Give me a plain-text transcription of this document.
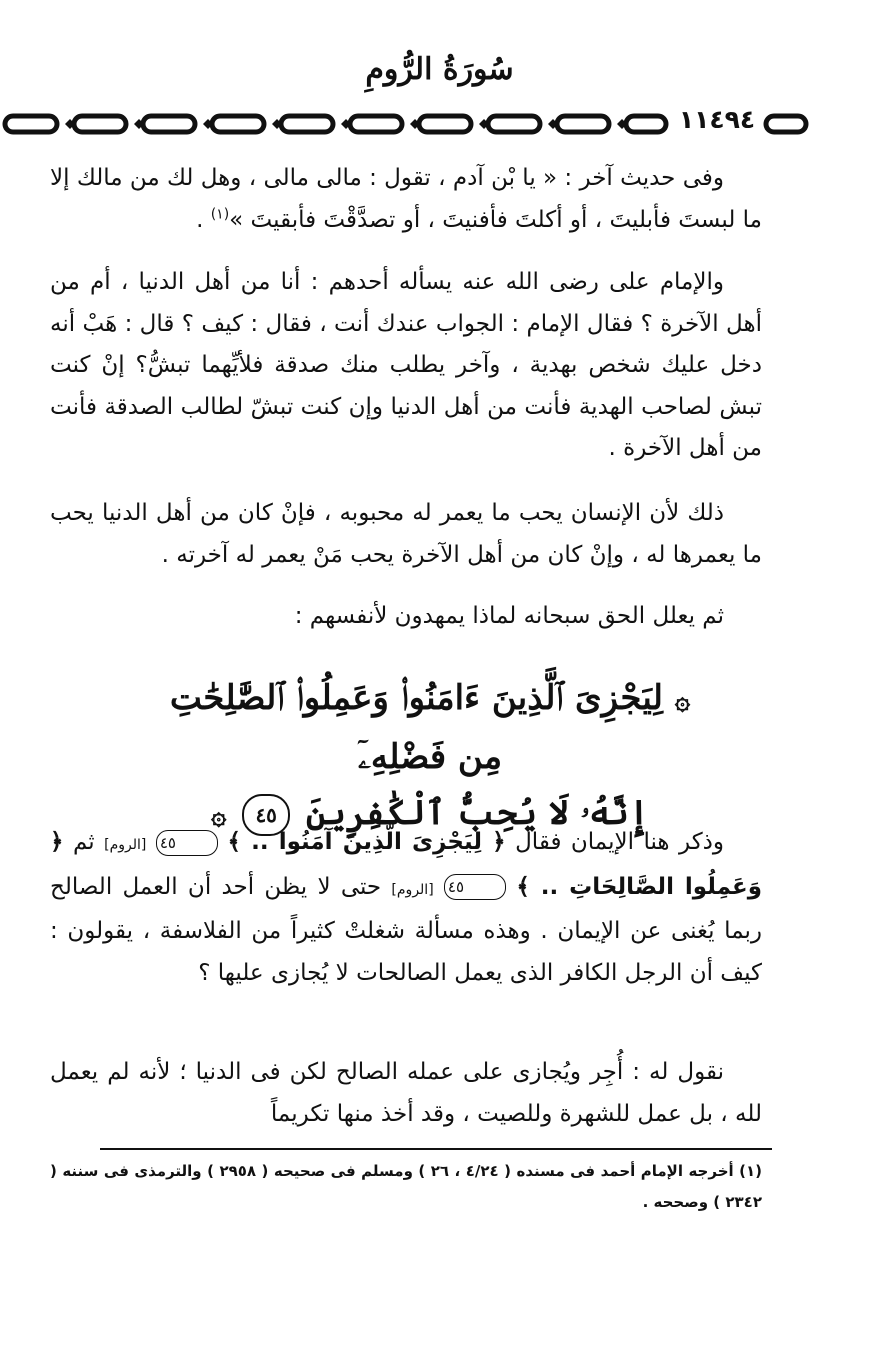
سُورَةُ الرُّومِ
١١٤٩٤

وفى حديث آخر : « يا بْن آدم ، تقول : مالى مالى ، وهل لك من مالك إلا ما لبستَ فأبليتَ ، أو أكلتَ فأفنيتَ ، أو تصدَّقْتَ فأبقيتَ »$^{(١)}$ .

والإمام على رضى الله عنه يسأله أحدهم : أنا من أهل الدنيا ، أم من أهل الآخرة ؟ فقال الإمام : الجواب عندك أنت ، فقال : كيف ؟ قال : هَبْ أنه دخل عليك شخص بهدية ، وآخر يطلب منك صدقة فلأيِّهما تبشُّ؟ إنْ كنت تبش لصاحب الهدية فأنت من أهل الدنيا وإن كنت تبشّ لطالب الصدقة فأنت من أهل الآخرة .

ذلك لأن الإنسان يحب ما يعمر له محبوبه ، فإنْ كان من أهل الدنيا يحب ما يعمرها له ، وإنْ كان من أهل الآخرة يحب مَنْ يعمر له آخرته .

ثم يعلل الحق سبحانه لماذا يمهدون لأنفسهم :

۞ لِيَجْزِىَ ٱلَّذِينَ ءَامَنُوا۟ وَعَمِلُوا۟ ٱلصَّٰلِحَٰتِ مِن فَضْلِهِۦٓ
إِنَّهُۥ لَا يُحِبُّ ٱلْكَٰفِرِينَ ٤٥ ۞

وذكر هنا الإيمان فقال ﴿ لِيَجْزِىَ الَّذِينَ آمَنُوا .. ﴾ ٤٥ [الروم] ثم ﴿ وَعَمِلُوا الصَّالِحَاتِ .. ﴾ ٤٥ [الروم] حتى لا يظن أحد أن العمل الصالح ربما يُغنى عن الإيمان . وهذه مسألة شغلتْ كثيراً من الفلاسفة ، يقولون : كيف أن الرجل الكافر الذى يعمل الصالحات لا يُجازى عليها ؟

نقول له : أُجِر ويُجازى على عمله الصالح لكن فى الدنيا ؛ لأنه لم يعمل لله ، بل عمل للشهرة وللصيت ، وقد أخذ منها تكريماً

(١) أخرجه الإمام أحمد فى مسنده ( ٤/٢٤ ، ٢٦ ) ومسلم فى صحيحه ( ٢٩٥٨ ) والترمذى فى سننه ( ٢٣٤٢ ) وصححه .
